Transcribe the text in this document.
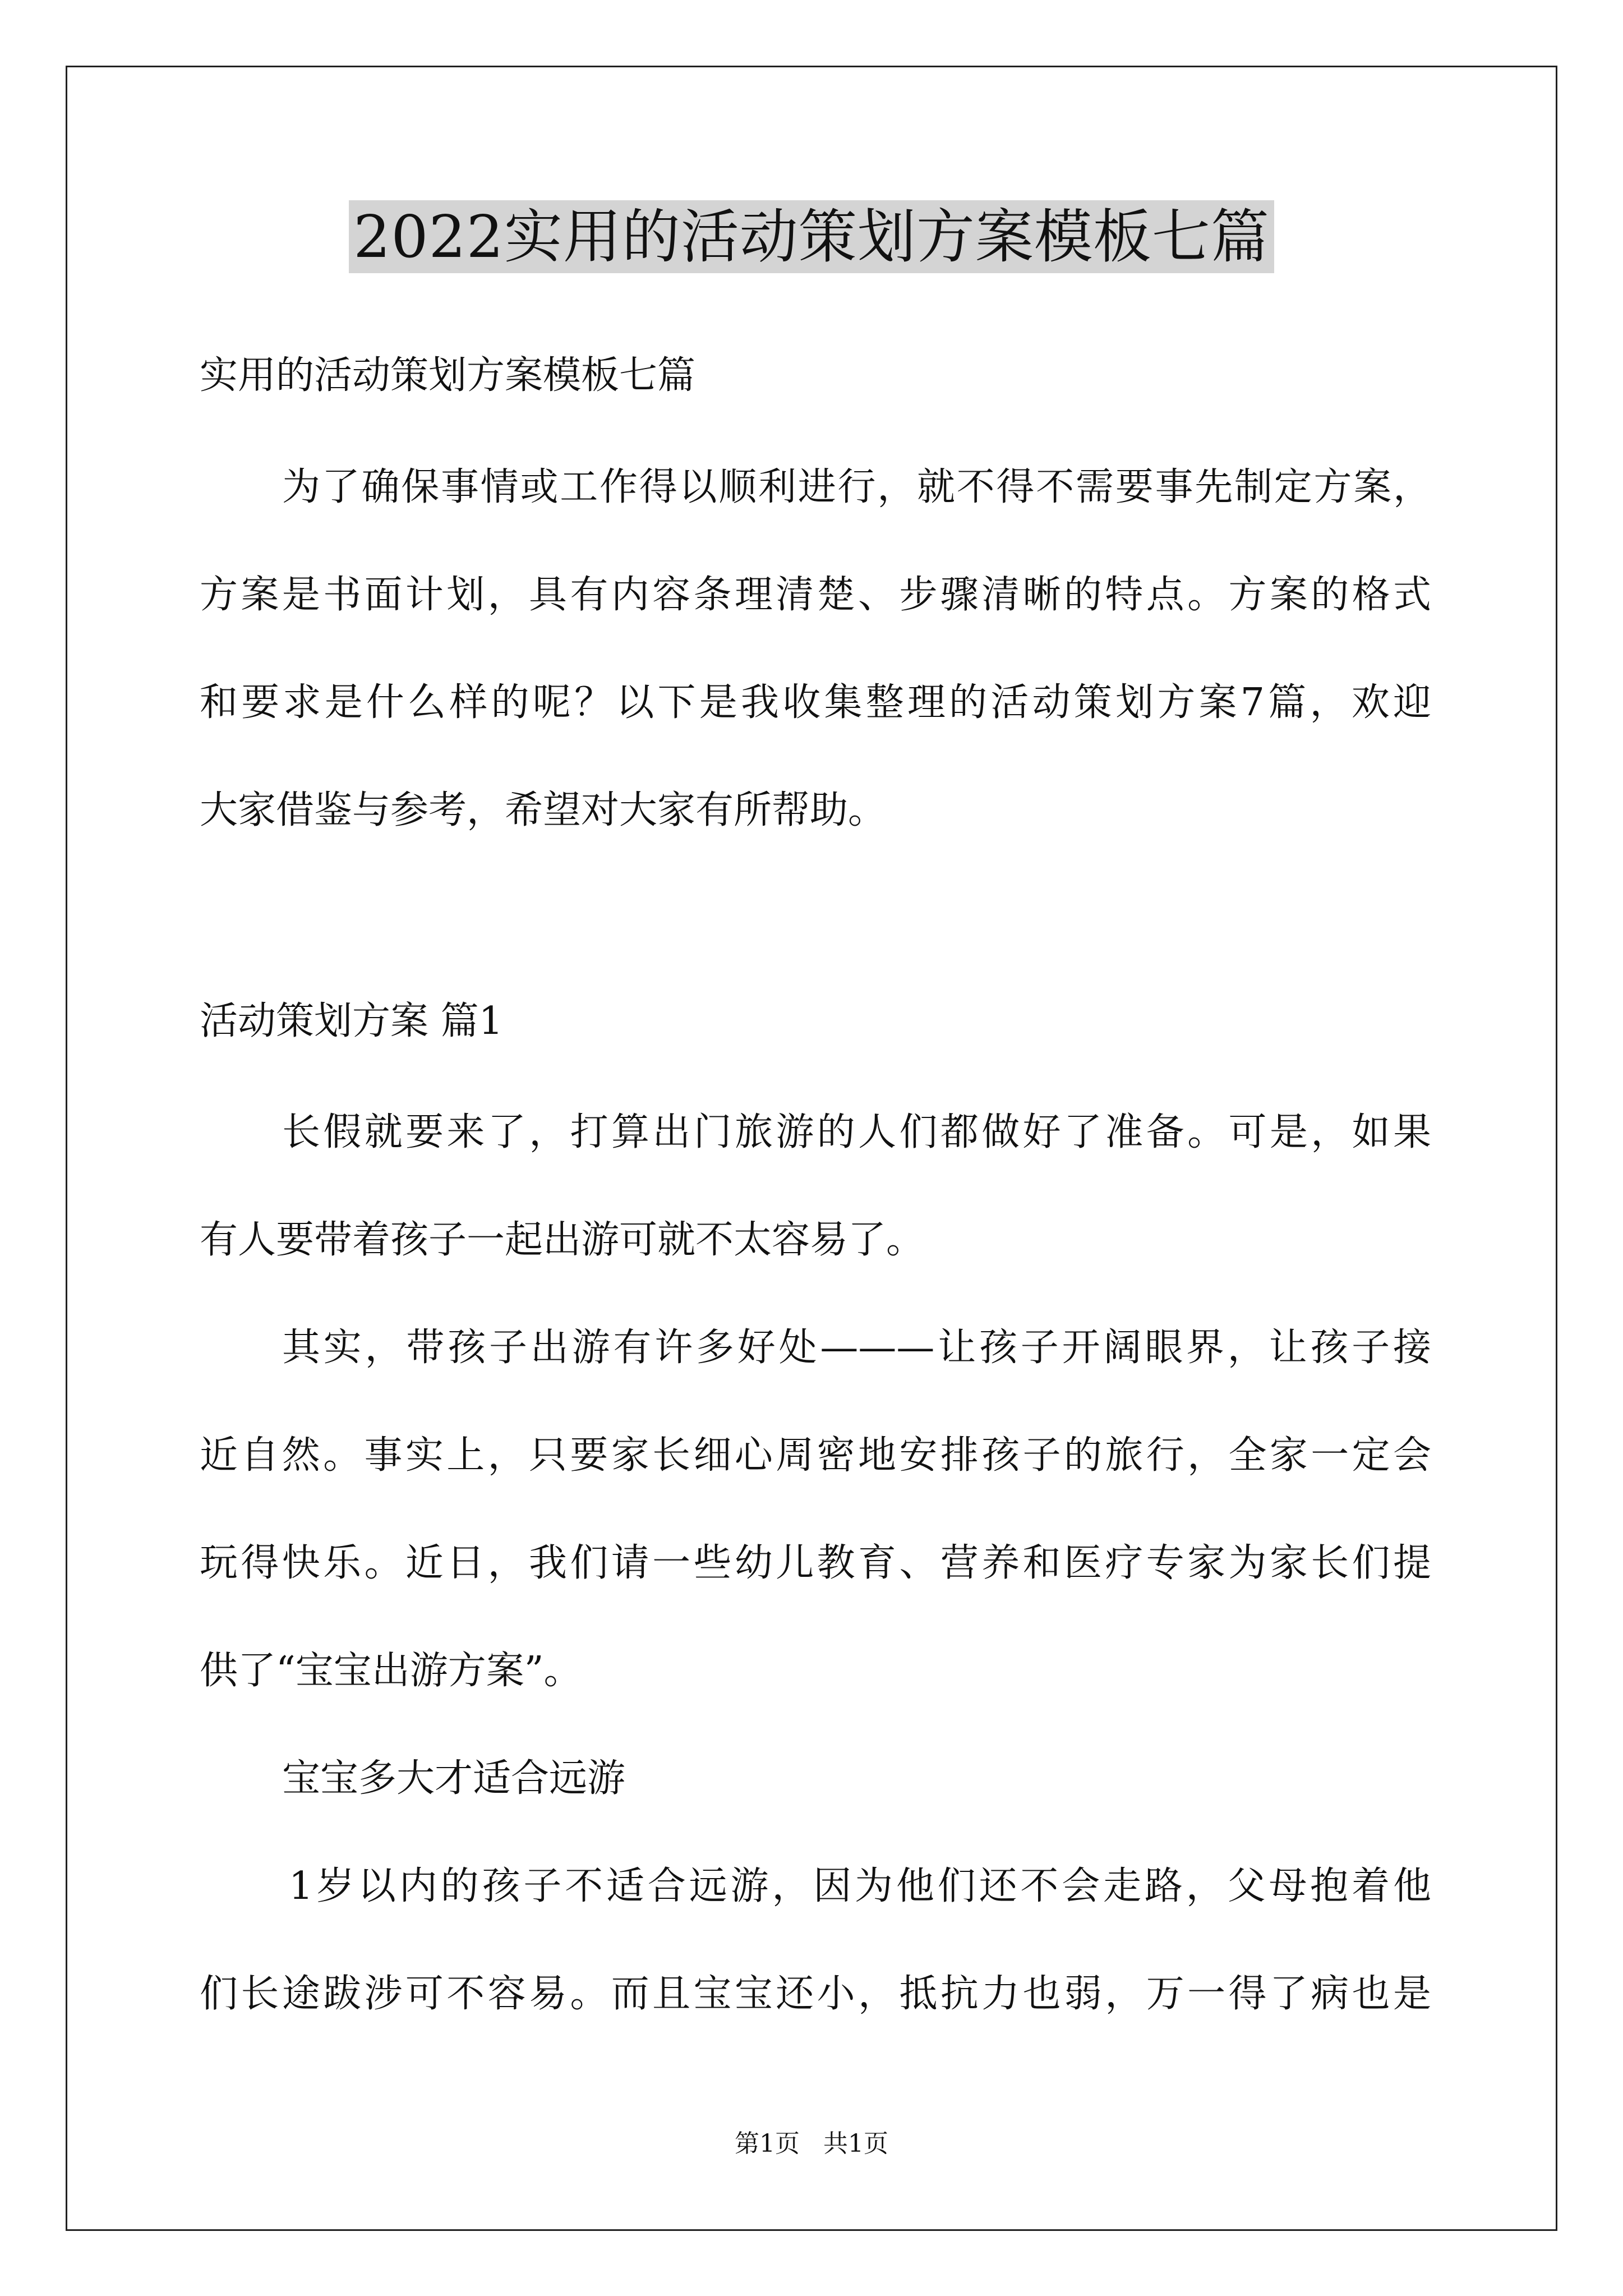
2022实用的活动策划方案模板七篇

实用的活动策划方案模板七篇

为了确保事情或工作得以顺利进行，就不得不需要事先制定方案，

方案是书面计划，具有内容条理清楚、步骤清晰的特点。方案的格式

和要求是什么样的呢？以下是我收集整理的活动策划方案7篇，欢迎

大家借鉴与参考，希望对大家有所帮助。

活动策划方案 篇1

长假就要来了，打算出门旅游的人们都做好了准备。可是，如果

有人要带着孩子一起出游可就不太容易了。

其实，带孩子出游有许多好处———让孩子开阔眼界，让孩子接

近自然。事实上，只要家长细心周密地安排孩子的旅行，全家一定会

玩得快乐。近日，我们请一些幼儿教育、营养和医疗专家为家长们提

供了“宝宝出游方案”。

宝宝多大才适合远游

1岁以内的孩子不适合远游，因为他们还不会走路，父母抱着他

们长途跋涉可不容易。而且宝宝还小，抵抗力也弱，万一得了病也是

第1页   共1页
